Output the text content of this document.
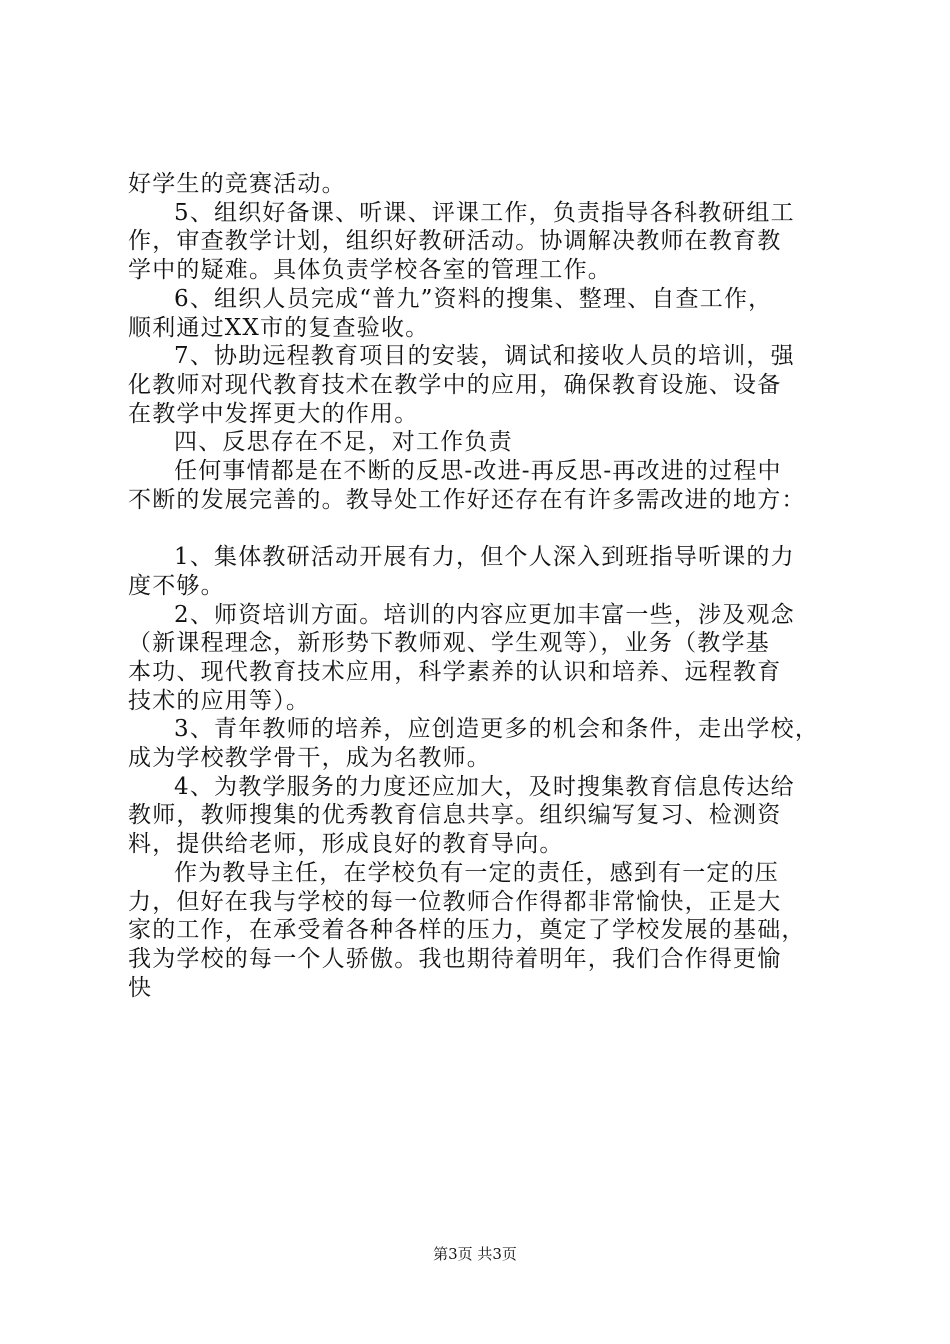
好学生的竞赛活动。
5、组织好备课、听课、评课工作，负责指导各科教研组工
作，审查教学计划，组织好教研活动。协调解决教师在教育教
学中的疑难。具体负责学校各室的管理工作。
6、组织人员完成“普九”资料的搜集、整理、自查工作，
顺利通过XX市的复查验收。
7、协助远程教育项目的安装，调试和接收人员的培训，强
化教师对现代教育技术在教学中的应用，确保教育设施、设备
在教学中发挥更大的作用。
四、反思存在不足，对工作负责
任何事情都是在不断的反思-改进-再反思-再改进的过程中
不断的发展完善的。教导处工作好还存在有许多需改进的地方：
1、集体教研活动开展有力，但个人深入到班指导听课的力
度不够。
2、师资培训方面。培训的内容应更加丰富一些，涉及观念
（新课程理念，新形势下教师观、学生观等），业务（教学基
本功、现代教育技术应用，科学素养的认识和培养、远程教育
技术的应用等）。
3、青年教师的培养，应创造更多的机会和条件，走出学校，
成为学校教学骨干，成为名教师。
4、为教学服务的力度还应加大，及时搜集教育信息传达给
教师，教师搜集的优秀教育信息共享。组织编写复习、检测资
料，提供给老师，形成良好的教育导向。
作为教导主任，在学校负有一定的责任，感到有一定的压
力，但好在我与学校的每一位教师合作得都非常愉快，正是大
家的工作，在承受着各种各样的压力，奠定了学校发展的基础，
我为学校的每一个人骄傲。我也期待着明年，我们合作得更愉
快
第3页 共3页
